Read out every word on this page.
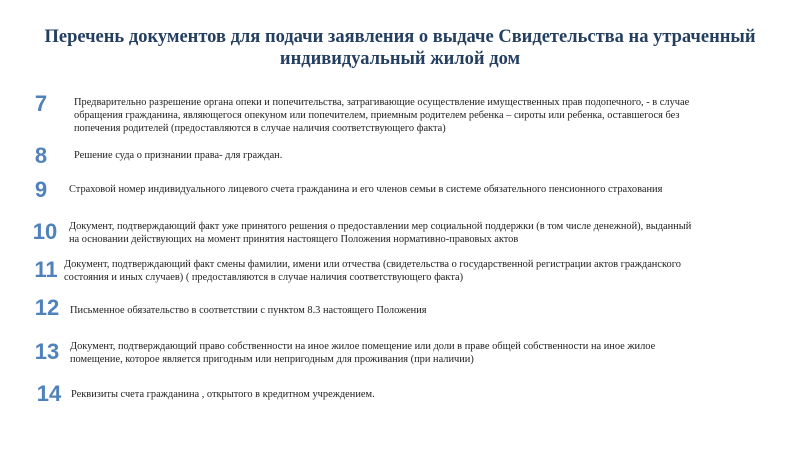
Перечень документов для подачи заявления о выдаче Свидетельства на утраченный
индивидуальный жилой дом
7	Предварительно разрешение органа опеки и попечительства, затрагивающие осуществление имущественных прав подопечного, - в случае
обращения гражданина, являющегося опекуном или попечителем, приемным родителем ребенка – сироты или ребенка, оставшегося без
попечения родителей (предоставляются в случае наличия соответствующего факта)
8	Решение суда о признании права- для граждан.
9	Страховой номер индивидуального лицевого счета гражданина и его членов семьи в системе обязательного пенсионного страхования
10	Документ, подтверждающий факт уже принятого решения о предоставлении мер социальной поддержки (в том числе денежной), выданный
на основании действующих на момент принятия настоящего Положения нормативно-правовых актов
11 Документ, подтверждающий факт смены фамилии, имени или отчества (свидетельства о государственной регистрации актов гражданского
состояния и иных случаев) ( предоставляются в случае наличия соответствующего факта)
12	Письменное обязательство в соответствии с пунктом 8.3 настоящего Положения
13	Документ, подтверждающий право собственности на иное жилое помещение или доли в праве общей собственности на иное жилое
помещение, которое является пригодным или непригодным для проживания (при наличии)
14 Реквизиты счета гражданина , открытого в кредитном учреждением.
